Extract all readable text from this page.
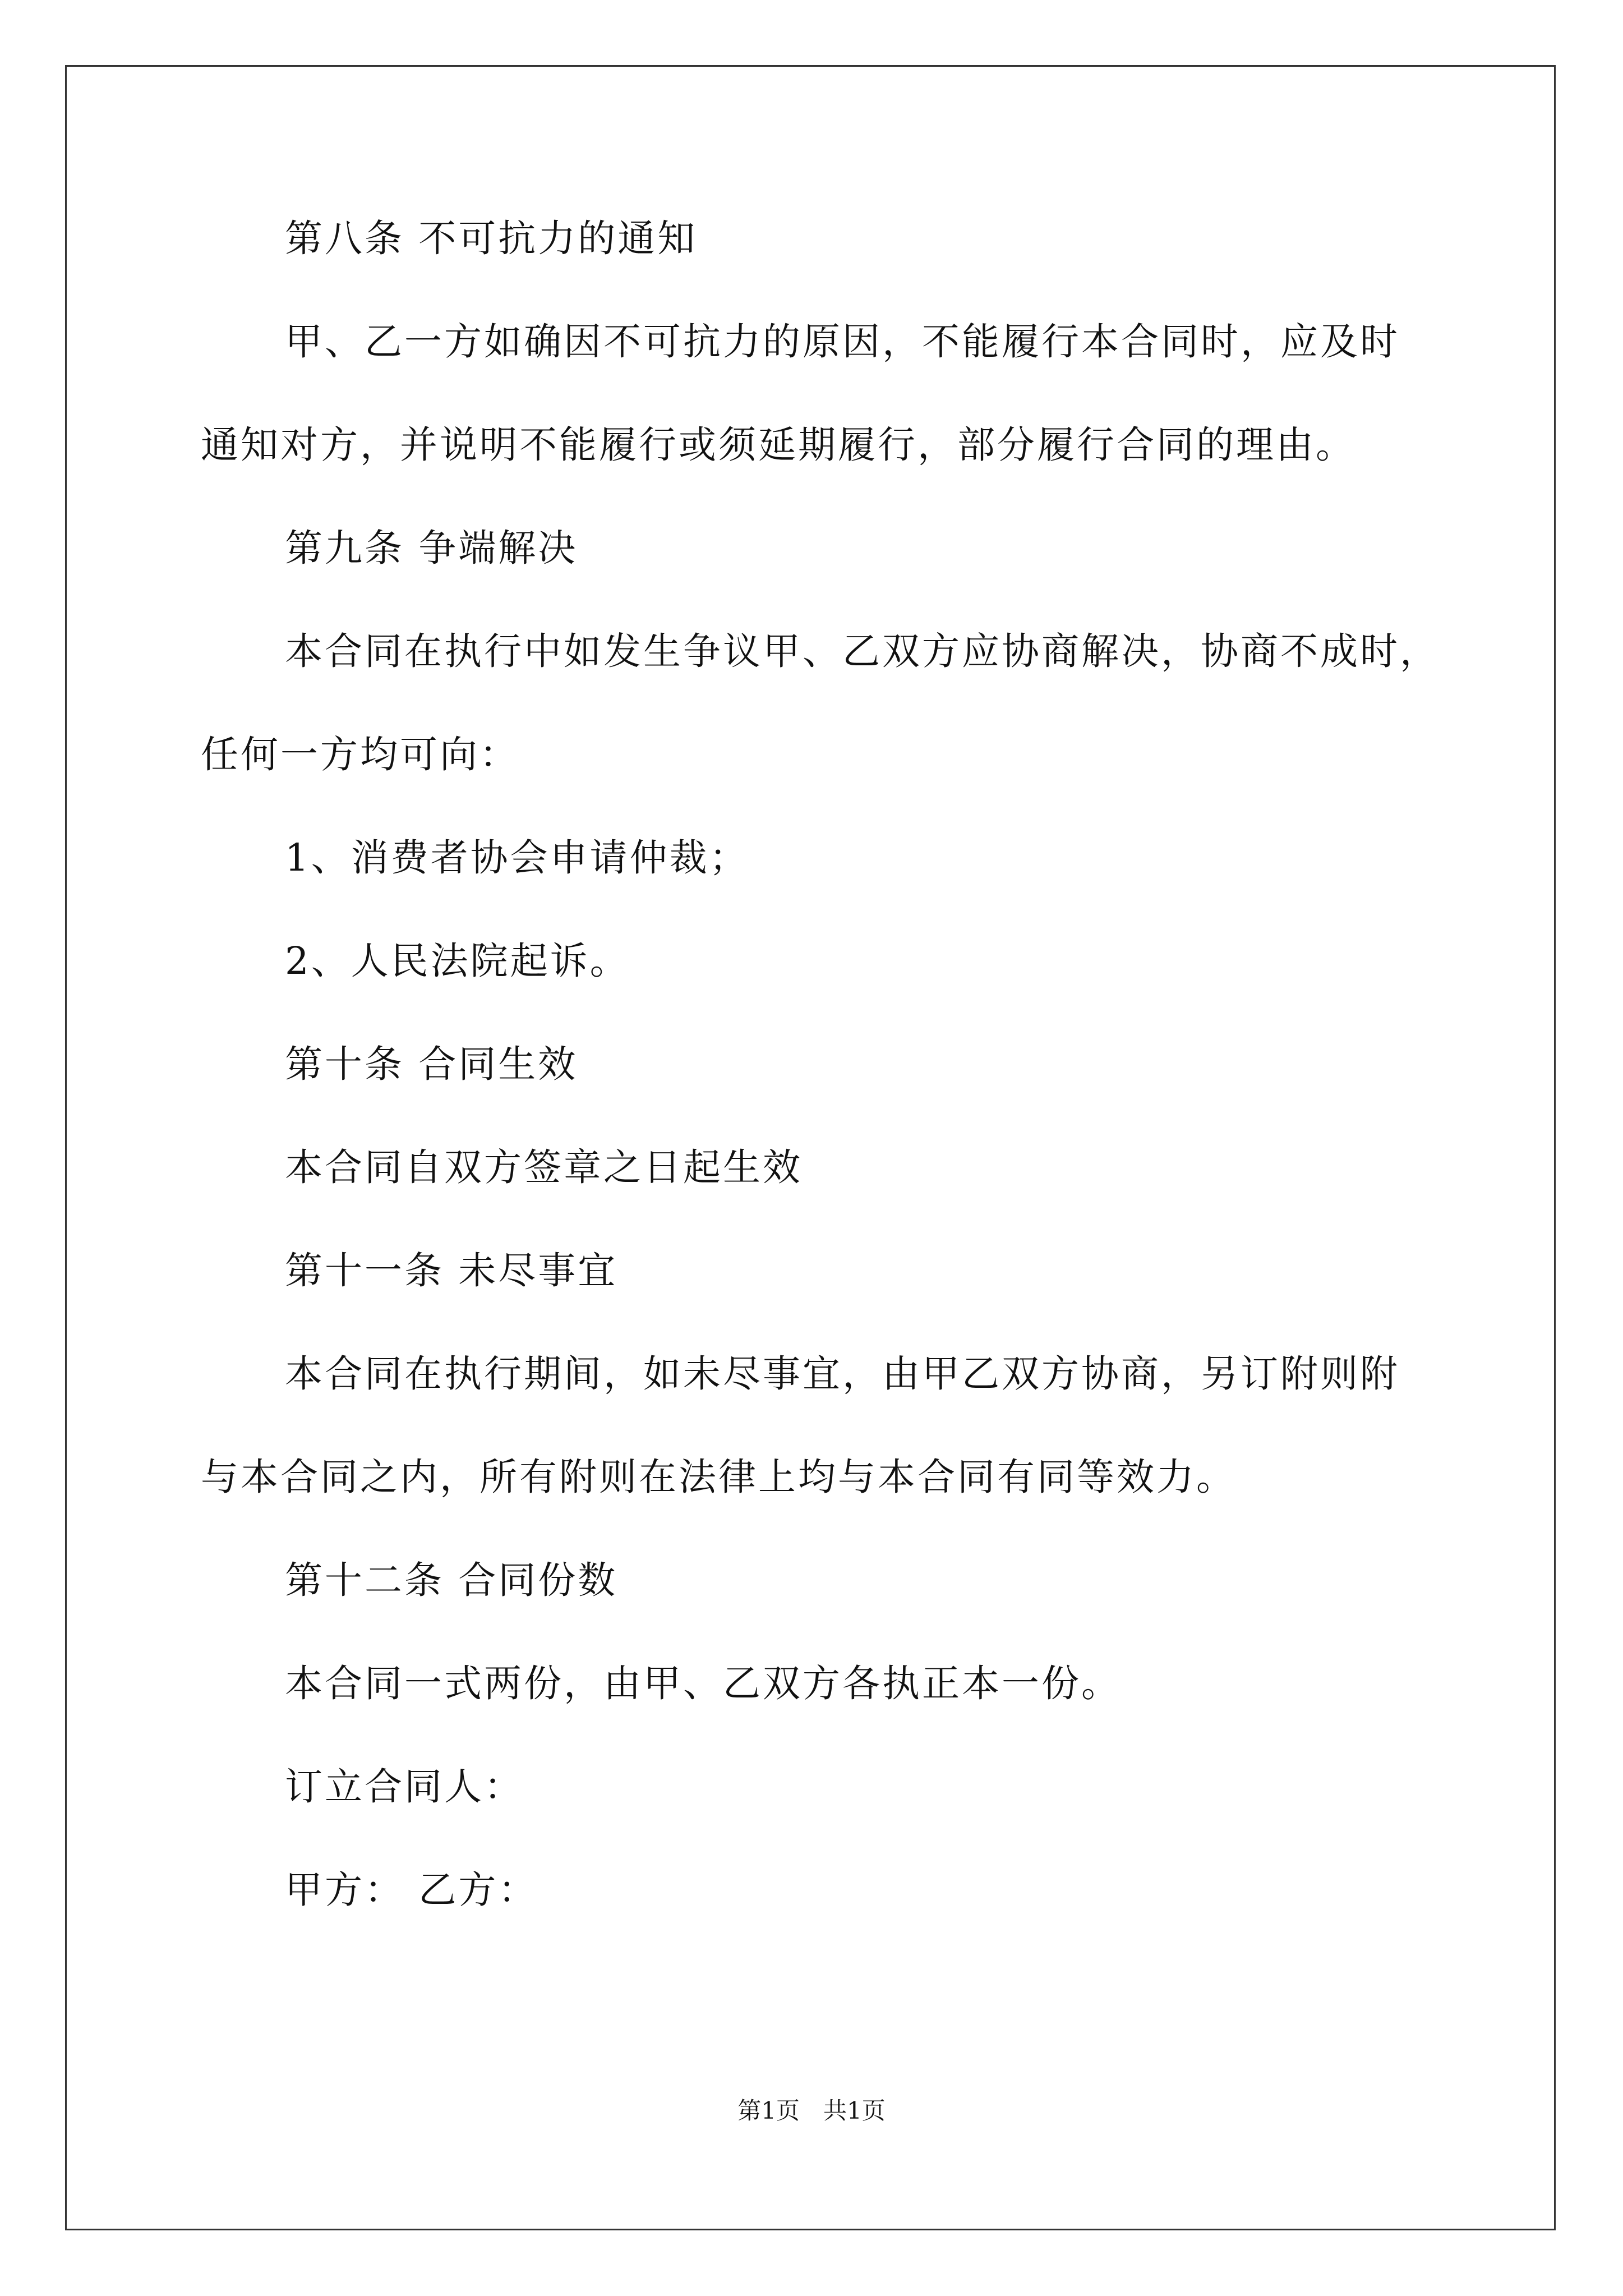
第八条 不可抗力的通知
甲、乙一方如确因不可抗力的原因，不能履行本合同时，应及时
通知对方，并说明不能履行或须延期履行，部分履行合同的理由。
第九条 争端解决
本合同在执行中如发生争议甲、乙双方应协商解决，协商不成时，
任何一方均可向：
1、消费者协会申请仲裁；
2、人民法院起诉。
第十条 合同生效
本合同自双方签章之日起生效
第十一条 未尽事宜
本合同在执行期间，如未尽事宜，由甲乙双方协商，另订附则附
与本合同之内，所有附则在法律上均与本合同有同等效力。
第十二条 合同份数
本合同一式两份，由甲、乙双方各执正本一份。
订立合同人：
甲方： 乙方：
第1页　共1页
